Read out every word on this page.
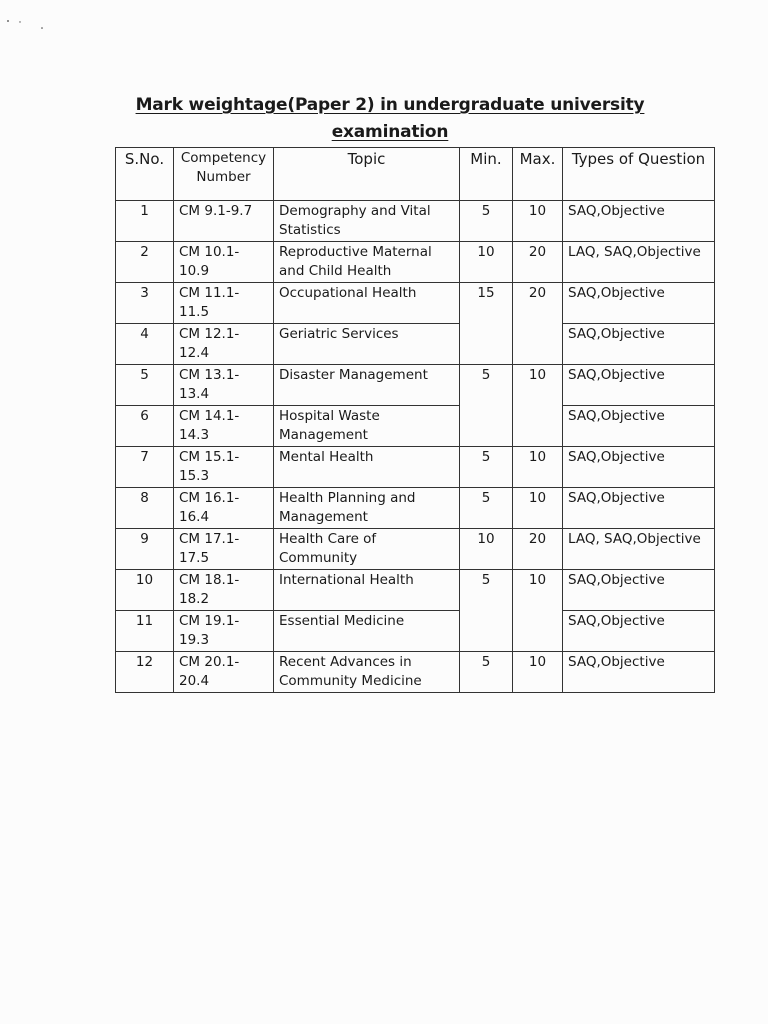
Mark weightage(Paper 2) in undergraduate university
examination
S.No.	Competency Number	Topic	Min.	Max.	Types of Question
1	CM 9.1-9.7	Demography and Vital Statistics	5	10	SAQ,Objective
2	CM 10.1-10.9	Reproductive Maternal and Child Health	10	20	LAQ, SAQ,Objective
3	CM 11.1-11.5	Occupational Health	15	20	SAQ,Objective
4	CM 12.1-12.4	Geriatric Services			SAQ,Objective
5	CM 13.1-13.4	Disaster Management	5	10	SAQ,Objective
6	CM 14.1-14.3	Hospital Waste Management			SAQ,Objective
7	CM 15.1-15.3	Mental Health	5	10	SAQ,Objective
8	CM 16.1-16.4	Health Planning and Management	5	10	SAQ,Objective
9	CM 17.1-17.5	Health Care of Community	10	20	LAQ, SAQ,Objective
10	CM 18.1-18.2	International Health	5	10	SAQ,Objective
11	CM 19.1-19.3	Essential Medicine			SAQ,Objective
12	CM 20.1-20.4	Recent Advances in Community Medicine	5	10	SAQ,Objective
